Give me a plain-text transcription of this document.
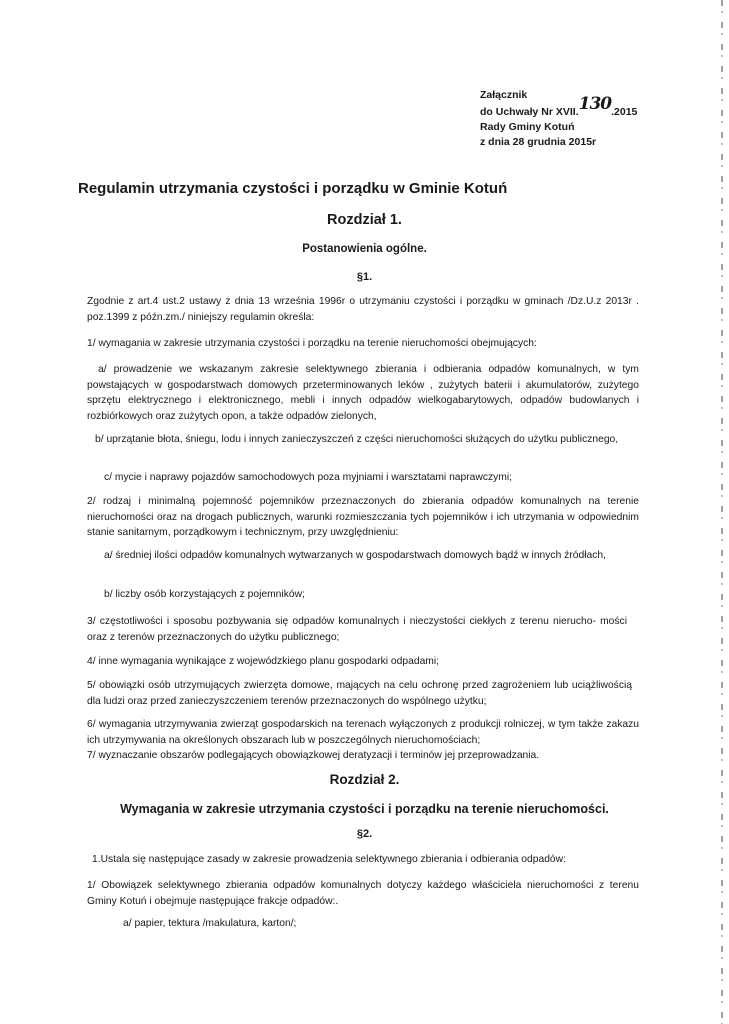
Załącznik
do Uchwały Nr XVII.130.2015
Rady Gminy Kotuń
z dnia 28 grudnia 2015r
Regulamin utrzymania czystości i porządku w Gminie Kotuń
Rozdział 1.
Postanowienia ogólne.
§1.
Zgodnie z art.4 ust.2 ustawy z dnia 13 września 1996r o utrzymaniu czystości i porządku w gminach /Dz.U.z 2013r . poz.1399 z późn.zm./ niniejszy regulamin określa:
1/ wymagania w zakresie utrzymania czystości i porządku na terenie nieruchomości obejmujących:
a/ prowadzenie we wskazanym zakresie selektywnego zbierania i odbierania odpadów komunalnych, w tym powstających w gospodarstwach domowych przeterminowanych leków , zużytych baterii i akumulatorów, zużytego sprzętu elektrycznego i elektronicznego, mebli i innych odpadów wielkogabarytowych, odpadów budowlanych i rozbiórkowych oraz zużytych opon, a także odpadów zielonych,
b/ uprzątanie błota, śniegu, lodu i innych zanieczyszczeń z części nieruchomości służących do użytku publicznego,
c/ mycie i naprawy pojazdów samochodowych poza myjniami i warsztatami naprawczymi;
2/ rodzaj i minimalną pojemność pojemników przeznaczonych do zbierania odpadów komunalnych na terenie nieruchomości oraz na drogach publicznych, warunki rozmieszczania tych pojemników i ich utrzymania w odpowiednim stanie sanitarnym, porządkowym i technicznym, przy uwzględnieniu:
a/ średniej ilości odpadów komunalnych wytwarzanych w gospodarstwach domowych bądź w innych źródłach,
b/ liczby osób korzystających z pojemników;
3/ częstotliwości i sposobu pozbywania się odpadów komunalnych i nieczystości ciekłych z terenu nierucho- mości oraz z terenów przeznaczonych do użytku publicznego;
4/ inne wymagania wynikające z wojewódzkiego planu gospodarki odpadami;
5/ obowiązki osób utrzymujących zwierzęta domowe, mających na celu ochronę przed zagrożeniem lub uciążliwością dla ludzi oraz przed zanieczyszczeniem terenów przeznaczonych do wspólnego użytku;
6/ wymagania utrzymywania zwierząt gospodarskich na terenach wyłączonych z produkcji rolniczej, w tym także zakazu ich utrzymywania na określonych obszarach lub w poszczególnych nieruchomościach;
7/ wyznaczanie obszarów podlegających obowiązkowej deratyzacji i terminów jej przeprowadzania.
Rozdział 2.
Wymagania w zakresie utrzymania czystości i porządku na terenie nieruchomości.
§2.
1.Ustala się następujące zasady w zakresie prowadzenia selektywnego zbierania i odbierania odpadów:
1/ Obowiązek selektywnego zbierania odpadów komunalnych dotyczy każdego właściciela nieruchomości z terenu Gminy Kotuń i obejmuje następujące frakcje odpadów:.
a/ papier, tektura /makulatura, karton/;
